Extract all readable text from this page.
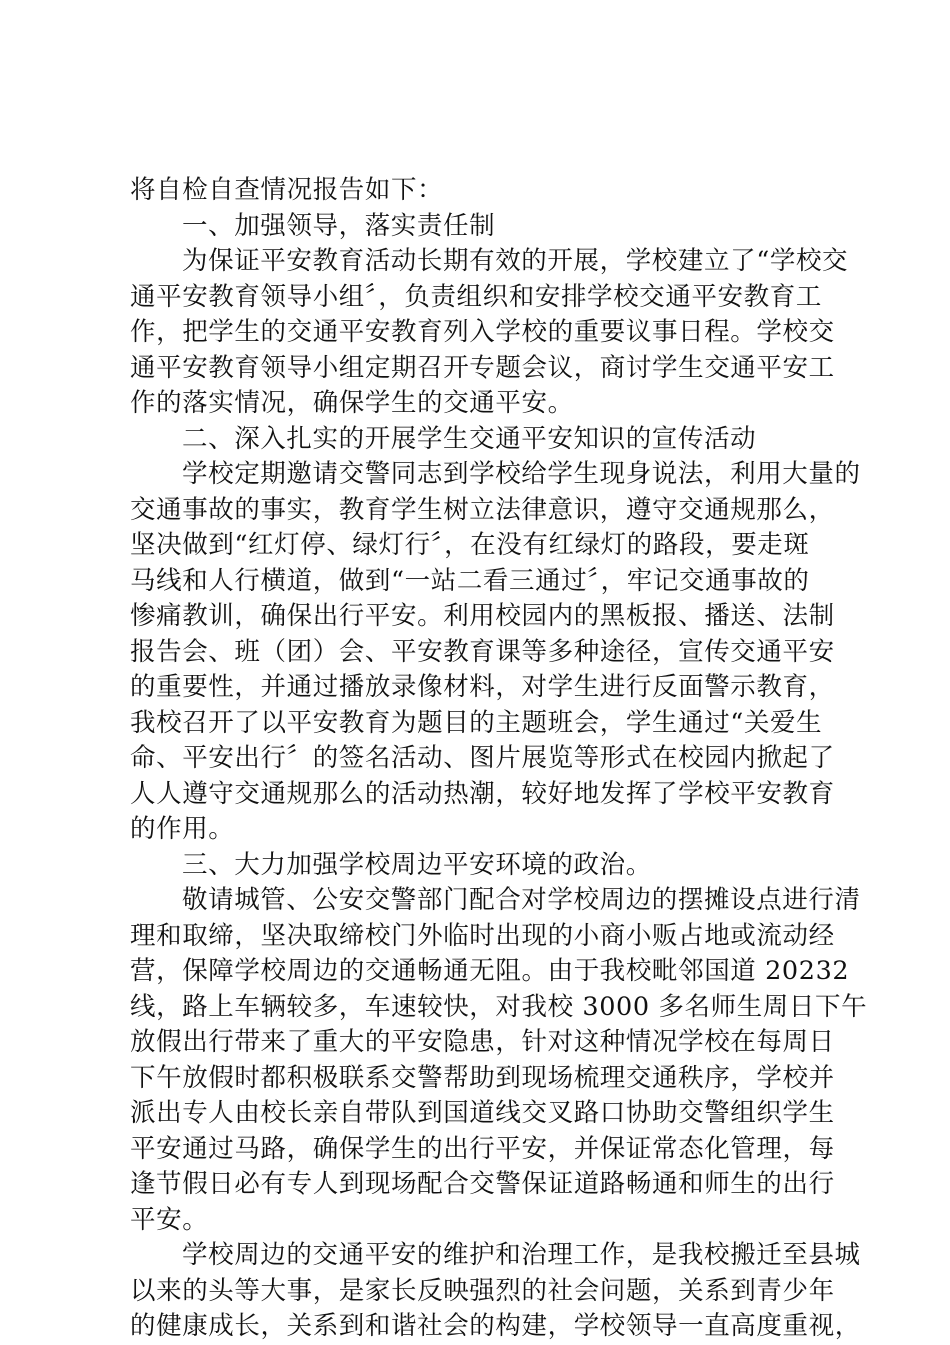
将自检自查情况报告如下：
一、加强领导，落实责任制
为保证平安教育活动长期有效的开展，学校建立了“学校交
通平安教育领导小组〞，负责组织和安排学校交通平安教育工
作，把学生的交通平安教育列入学校的重要议事日程。学校交
通平安教育领导小组定期召开专题会议，商讨学生交通平安工
作的落实情况，确保学生的交通平安。
二、深入扎实的开展学生交通平安知识的宣传活动
学校定期邀请交警同志到学校给学生现身说法，利用大量的
交通事故的事实，教育学生树立法律意识，遵守交通规那么，
坚决做到“红灯停、绿灯行〞，在没有红绿灯的路段，要走斑
马线和人行横道，做到“一站二看三通过〞，牢记交通事故的
惨痛教训，确保出行平安。利用校园内的黑板报、播送、法制
报告会、班（团）会、平安教育课等多种途径，宣传交通平安
的重要性，并通过播放录像材料，对学生进行反面警示教育，
我校召开了以平安教育为题目的主题班会，学生通过“关爱生
命、平安出行〞的签名活动、图片展览等形式在校园内掀起了
人人遵守交通规那么的活动热潮，较好地发挥了学校平安教育
的作用。
三、大力加强学校周边平安环境的政治。
敬请城管、公安交警部门配合对学校周边的摆摊设点进行清
理和取缔，坚决取缔校门外临时出现的小商小贩占地或流动经
营，保障学校周边的交通畅通无阻。由于我校毗邻国道 20232
线，路上车辆较多，车速较快，对我校 3000 多名师生周日下午
放假出行带来了重大的平安隐患，针对这种情况学校在每周日
下午放假时都积极联系交警帮助到现场梳理交通秩序，学校并
派出专人由校长亲自带队到国道线交叉路口协助交警组织学生
平安通过马路，确保学生的出行平安，并保证常态化管理，每
逢节假日必有专人到现场配合交警保证道路畅通和师生的出行
平安。
学校周边的交通平安的维护和治理工作，是我校搬迁至县城
以来的头等大事，是家长反映强烈的社会问题，关系到青少年
的健康成长，关系到和谐社会的构建，学校领导一直高度重视，
